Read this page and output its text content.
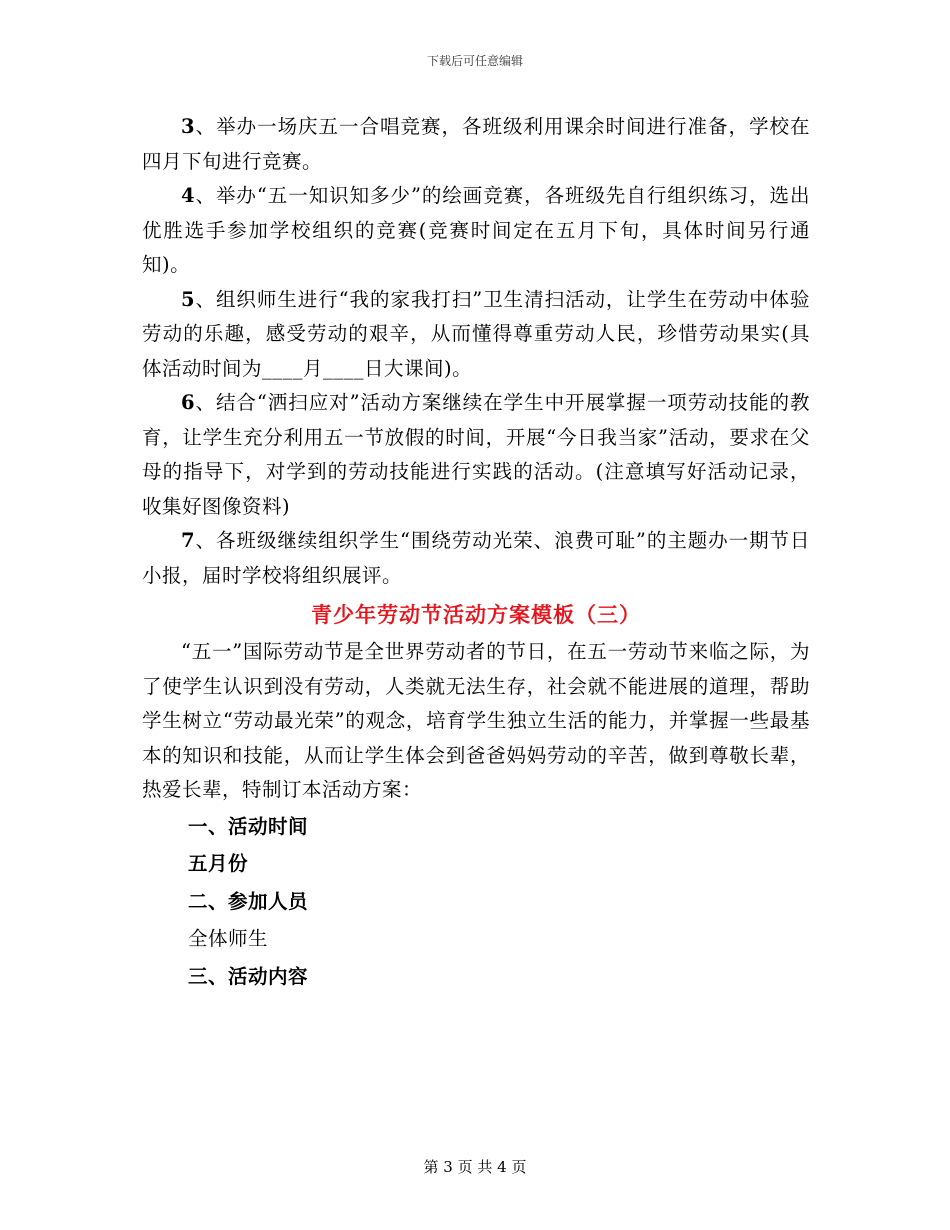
下载后可任意编辑

3、举办一场庆五一合唱竞赛，各班级利用课余时间进行准备，学校在四月下旬进行竞赛。

4、举办“五一知识知多少”的绘画竞赛，各班级先自行组织练习，选出优胜选手参加学校组织的竞赛(竞赛时间定在五月下旬，具体时间另行通知)。

5、组织师生进行“我的家我打扫”卫生清扫活动，让学生在劳动中体验劳动的乐趣，感受劳动的艰辛，从而懂得尊重劳动人民，珍惜劳动果实(具体活动时间为____月____日大课间)。

6、结合“洒扫应对”活动方案继续在学生中开展掌握一项劳动技能的教育，让学生充分利用五一节放假的时间，开展“今日我当家”活动，要求在父母的指导下，对学到的劳动技能进行实践的活动。(注意填写好活动记录，收集好图像资料)

7、各班级继续组织学生“围绕劳动光荣、浪费可耻”的主题办一期节日小报，届时学校将组织展评。

青少年劳动节活动方案模板（三）

“五一”国际劳动节是全世界劳动者的节日，在五一劳动节来临之际，为了使学生认识到没有劳动，人类就无法生存，社会就不能进展的道理，帮助学生树立“劳动最光荣”的观念，培育学生独立生活的能力，并掌握一些最基本的知识和技能，从而让学生体会到爸爸妈妈劳动的辛苦，做到尊敬长辈，热爱长辈，特制订本活动方案：

一、活动时间

五月份

二、参加人员

全体师生

三、活动内容

第 3 页 共 4 页
